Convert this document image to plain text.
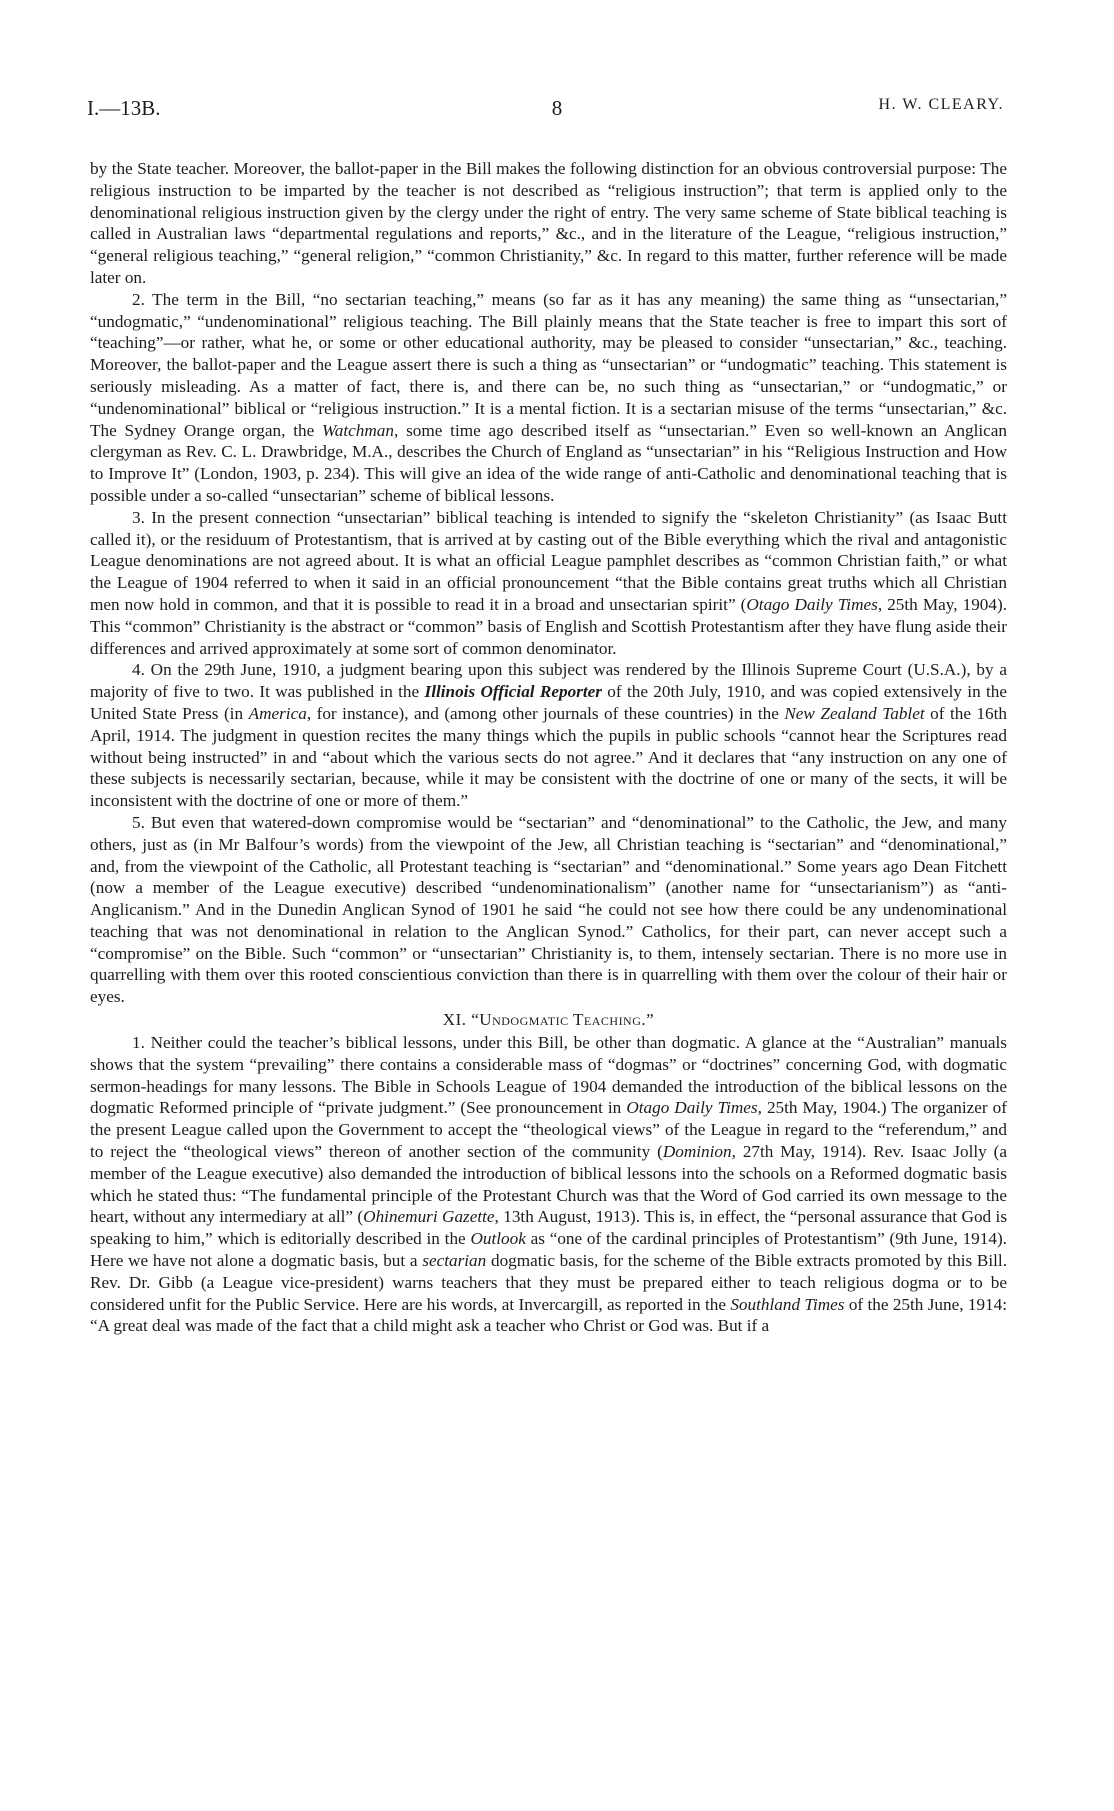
I.—13B.	8	H. W. CLEARY.

by the State teacher. Moreover, the ballot-paper in the Bill makes the following distinction for an obvious controversial purpose: The religious instruction to be imparted by the teacher is not described as “religious instruction”; that term is applied only to the denominational religious instruction given by the clergy under the right of entry. The very same scheme of State biblical teaching is called in Australian laws “departmental regulations and reports,” &c., and in the literature of the League, “religious instruction,” “general religious teaching,” “general religion,” “common Christianity,” &c. In regard to this matter, further reference will be made later on.

2. The term in the Bill, “no sectarian teaching,” means (so far as it has any meaning) the same thing as “unsectarian,” “undogmatic,” “undenominational” religious teaching. The Bill plainly means that the State teacher is free to impart this sort of “teaching”—or rather, what he, or some or other educational authority, may be pleased to consider “unsectarian,” &c., teaching. Moreover, the ballot-paper and the League assert there is such a thing as “unsectarian” or “undogmatic” teaching. This statement is seriously misleading. As a matter of fact, there is, and there can be, no such thing as “unsectarian,” or “undogmatic,” or “undenominational” biblical or “religious instruction.” It is a mental fiction. It is a sectarian misuse of the terms “unsectarian,” &c. The Sydney Orange organ, the Watchman, some time ago described itself as “unsectarian.” Even so well-known an Anglican clergyman as Rev. C. L. Drawbridge, M.A., describes the Church of England as “unsectarian” in his “Religious Instruction and How to Improve It” (London, 1903, p. 234). This will give an idea of the wide range of anti-Catholic and denominational teaching that is possible under a so-called “unsectarian” scheme of biblical lessons.

3. In the present connection “unsectarian” biblical teaching is intended to signify the “skeleton Christianity” (as Isaac Butt called it), or the residuum of Protestantism, that is arrived at by casting out of the Bible everything which the rival and antagonistic League denominations are not agreed about. It is what an official League pamphlet describes as “common Christian faith,” or what the League of 1904 referred to when it said in an official pronouncement “that the Bible contains great truths which all Christian men now hold in common, and that it is possible to read it in a broad and unsectarian spirit” (Otago Daily Times, 25th May, 1904). This “common” Christianity is the abstract or “common” basis of English and Scottish Protestantism after they have flung aside their differences and arrived approximately at some sort of common denominator.

4. On the 29th June, 1910, a judgment bearing upon this subject was rendered by the Illinois Supreme Court (U.S.A.), by a majority of five to two. It was published in the Illinois Official Reporter of the 20th July, 1910, and was copied extensively in the United State Press (in America, for instance), and (among other journals of these countries) in the New Zealand Tablet of the 16th April, 1914. The judgment in question recites the many things which the pupils in public schools “cannot hear the Scriptures read without being instructed” in and “about which the various sects do not agree.” And it declares that “any instruction on any one of these subjects is necessarily sectarian, because, while it may be consistent with the doctrine of one or many of the sects, it will be inconsistent with the doctrine of one or more of them.”

5. But even that watered-down compromise would be “sectarian” and “denominational” to the Catholic, the Jew, and many others, just as (in Mr Balfour’s words) from the viewpoint of the Jew, all Christian teaching is “sectarian” and “denominational,” and, from the viewpoint of the Catholic, all Protestant teaching is “sectarian” and “denominational.” Some years ago Dean Fitchett (now a member of the League executive) described “undenominationalism” (another name for “unsectarianism”) as “anti-Anglicanism.” And in the Dunedin Anglican Synod of 1901 he said “he could not see how there could be any undenominational teaching that was not denominational in relation to the Anglican Synod.” Catholics, for their part, can never accept such a “compromise” on the Bible. Such “common” or “unsectarian” Christianity is, to them, intensely sectarian. There is no more use in quarrelling with them over this rooted conscientious conviction than there is in quarrelling with them over the colour of their hair or eyes.

XI. “Undogmatic Teaching.”

1. Neither could the teacher’s biblical lessons, under this Bill, be other than dogmatic. A glance at the “Australian” manuals shows that the system “prevailing” there contains a considerable mass of “dogmas” or “doctrines” concerning God, with dogmatic sermon-headings for many lessons. The Bible in Schools League of 1904 demanded the introduction of the biblical lessons on the dogmatic Reformed principle of “private judgment.” (See pronouncement in Otago Daily Times, 25th May, 1904.) The organizer of the present League called upon the Government to accept the “theological views” of the League in regard to the “referendum,” and to reject the “theological views” thereon of another section of the community (Dominion, 27th May, 1914). Rev. Isaac Jolly (a member of the League executive) also demanded the introduction of biblical lessons into the schools on a Reformed dogmatic basis which he stated thus: “The fundamental principle of the Protestant Church was that the Word of God carried its own message to the heart, without any intermediary at all” (Ohinemuri Gazette, 13th August, 1913). This is, in effect, the “personal assurance that God is speaking to him,” which is editorially described in the Outlook as “one of the cardinal principles of Protestantism” (9th June, 1914). Here we have not alone a dogmatic basis, but a sectarian dogmatic basis, for the scheme of the Bible extracts promoted by this Bill. Rev. Dr. Gibb (a League vice-president) warns teachers that they must be prepared either to teach religious dogma or to be considered unfit for the Public Service. Here are his words, at Invercargill, as reported in the Southland Times of the 25th June, 1914: “A great deal was made of the fact that a child might ask a teacher who Christ or God was. But if a
